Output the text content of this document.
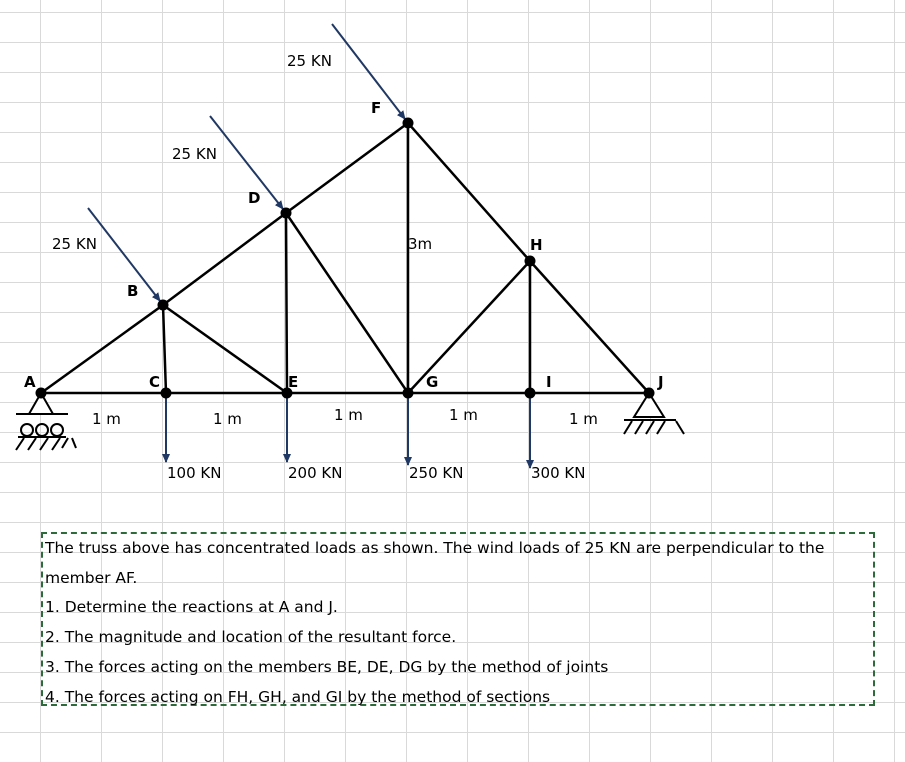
A
B
C
D
E
F
G
H
I	J
25 KN
25 KN
25 KN
100 KN	200 KN	250 KN	300 KN
1 m	1 m	1 m	1 m	1 m
3m

The truss above has concentrated loads as shown. The wind loads of 25 KN are perpendicular to the

member AF.

1. Determine the reactions at A and J.

2. The magnitude and location of the resultant force.

3. The forces acting on the members BE, DE, DG by the method of joints

4. The forces acting on FH, GH, and GI by the method of sections
